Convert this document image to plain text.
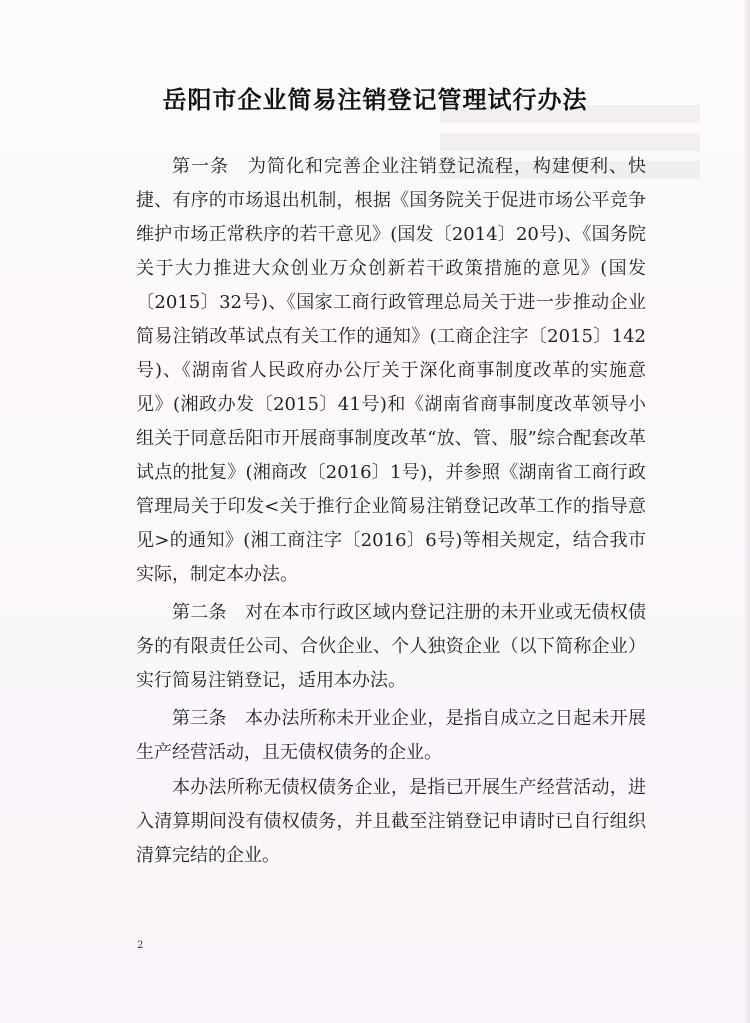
岳阳市企业简易注销登记管理试行办法

第一条　为简化和完善企业注销登记流程，构建便利、快捷、有序的市场退出机制，根据《国务院关于促进市场公平竞争维护市场正常秩序的若干意见》(国发〔2014〕20号)、《国务院关于大力推进大众创业万众创新若干政策措施的意见》(国发〔2015〕32号)、《国家工商行政管理总局关于进一步推动企业简易注销改革试点有关工作的通知》(工商企注字〔2015〕142号)、《湖南省人民政府办公厅关于深化商事制度改革的实施意见》(湘政办发〔2015〕41号)和《湖南省商事制度改革领导小组关于同意岳阳市开展商事制度改革“放、管、服”综合配套改革试点的批复》(湘商改〔2016〕1号)，并参照《湖南省工商行政管理局关于印发<关于推行企业简易注销登记改革工作的指导意见>的通知》(湘工商注字〔2016〕6号)等相关规定，结合我市实际，制定本办法。

第二条　对在本市行政区域内登记注册的未开业或无债权债务的有限责任公司、合伙企业、个人独资企业（以下简称企业）实行简易注销登记，适用本办法。

第三条　本办法所称未开业企业，是指自成立之日起未开展生产经营活动，且无债权债务的企业。

本办法所称无债权债务企业，是指已开展生产经营活动，进入清算期间没有债权债务，并且截至注销登记申请时已自行组织清算完结的企业。

2
